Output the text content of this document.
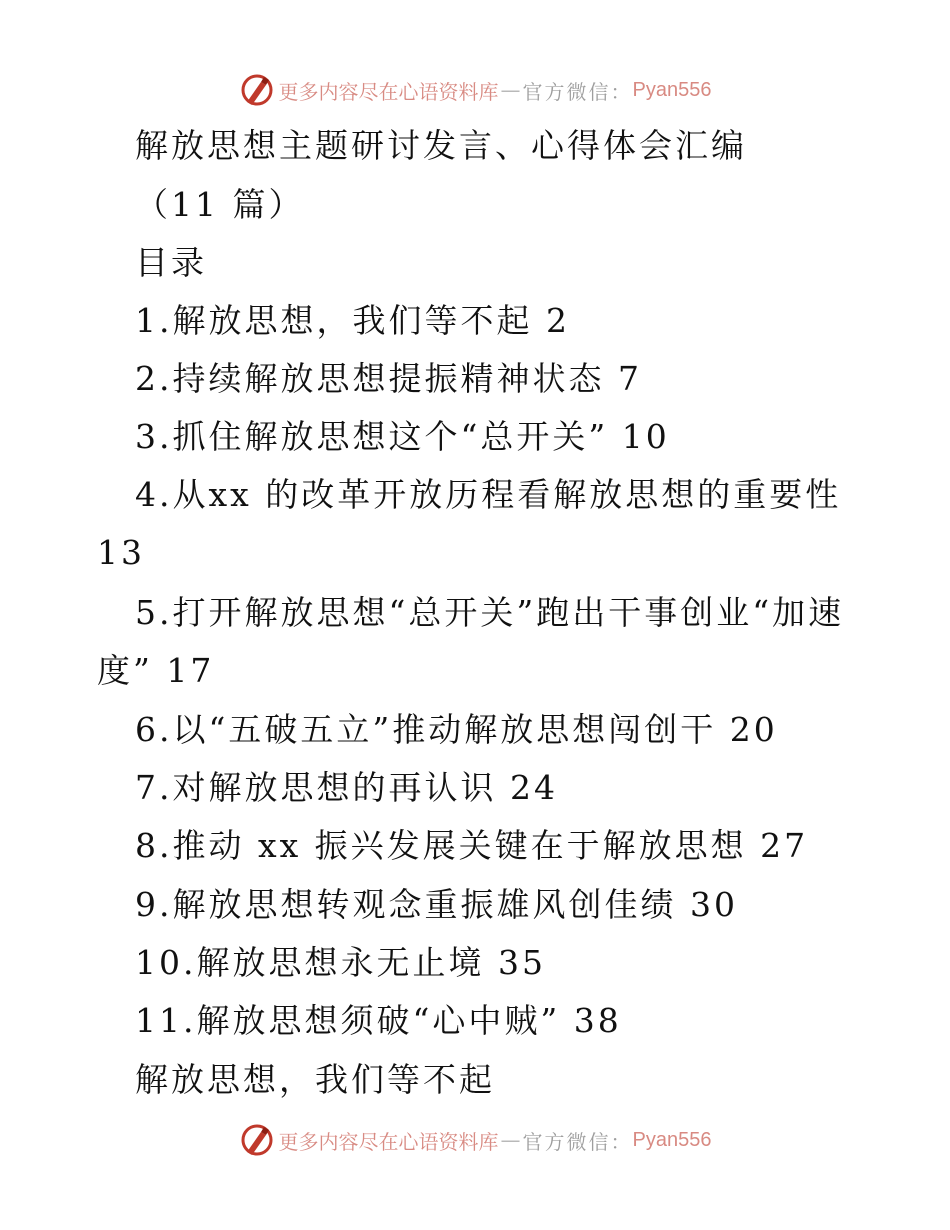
更多内容尽在心语资料库 — 官方微信： Pyan556
解放思想主题研讨发言、心得体会汇编
（11 篇）
目录
1.解放思想，我们等不起 2
2.持续解放思想提振精神状态 7
3.抓住解放思想这个“总开关” 10
4.从xx 的改革开放历程看解放思想的重要性
13
5.打开解放思想“总开关”跑出干事创业“加速
度” 17
6.以“五破五立”推动解放思想闯创干 20
7.对解放思想的再认识 24
8.推动 xx 振兴发展关键在于解放思想 27
9.解放思想转观念重振雄风创佳绩 30
10.解放思想永无止境 35
11.解放思想须破“心中贼” 38
解放思想，我们等不起
更多内容尽在心语资料库 — 官方微信： Pyan556
